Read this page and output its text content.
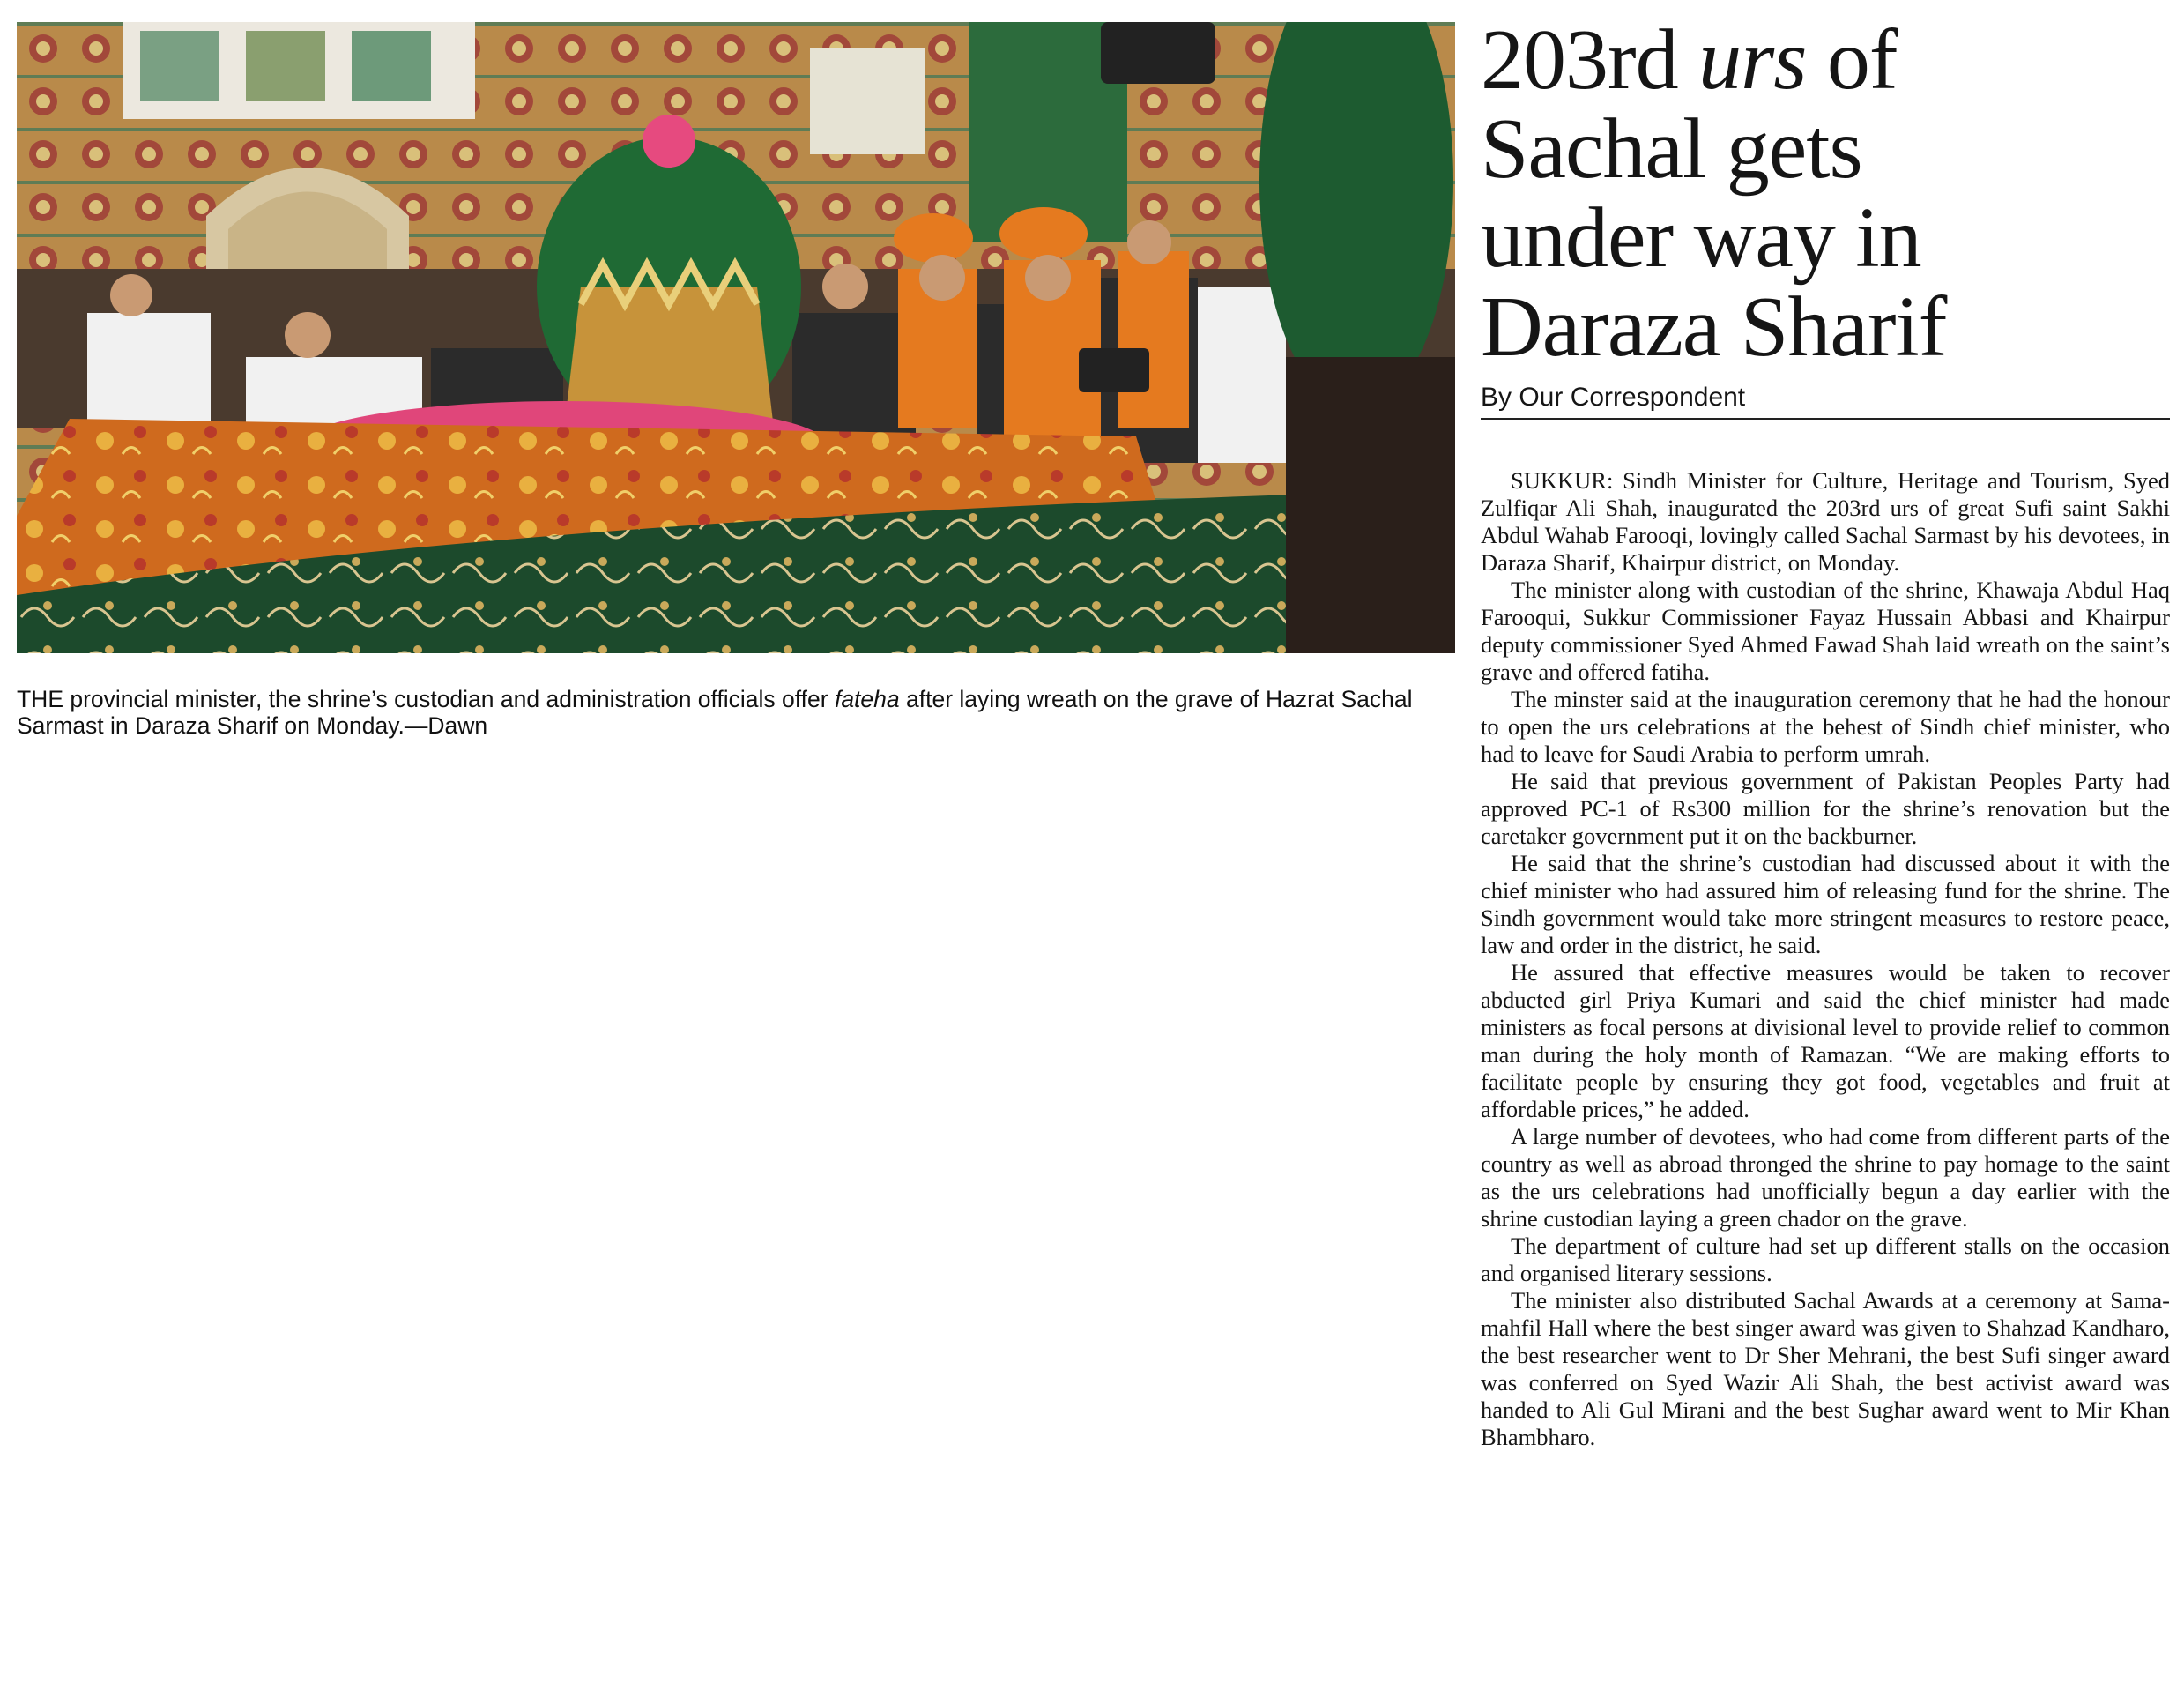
THE provincial minister, the shrine’s custodian and administration officials offer fateha after laying wreath on the grave of Hazrat Sachal Sarmast in Daraza Sharif on Monday.—Dawn

203rd urs of
Sachal gets
under way in
Daraza Sharif

By Our Correspondent

SUKKUR: Sindh Minister for Culture, Heritage and Tourism, Syed Zulfiqar Ali Shah, inaugurated the 203rd urs of great Sufi saint Sakhi Abdul Wahab Farooqi, lovingly called Sachal Sarmast by his devotees, in Daraza Sharif, Khairpur district, on Monday.

The minister along with custodian of the shrine, Khawaja Abdul Haq Farooqui, Sukkur Commissioner Fayaz Hussain Abbasi and Khairpur deputy commissioner Syed Ahmed Fawad Shah laid wreath on the saint’s grave and offered fatiha.

The minster said at the inauguration ceremony that he had the honour to open the urs celebrations at the behest of Sindh chief minister, who had to leave for Saudi Arabia to perform umrah.

He said that previous government of Pakistan Peoples Party had approved PC-1 of Rs300 million for the shrine’s renovation but the caretaker government put it on the backburner.

He said that the shrine’s custodian had discussed about it with the chief minister who had assured him of releasing fund for the shrine. The Sindh government would take more stringent measures to restore peace, law and order in the district, he said.

He assured that effective measures would be taken to recover abducted girl Priya Kumari and said the chief minister had made ministers as focal persons at divisional level to provide relief to common man during the holy month of Ramazan. “We are making efforts to facilitate people by ensuring they got food, vegetables and fruit at affordable prices,” he added.

A large number of devotees, who had come from different parts of the country as well as abroad thronged the shrine to pay homage to the saint as the urs celebrations had unofficially begun a day earlier with the shrine custodian laying a green chador on the grave.

The department of culture had set up different stalls on the occasion and organised literary sessions.

The minister also distributed Sachal Awards at a ceremony at Sama-mahfil Hall where the best singer award was given to Shahzad Kandharo, the best researcher went to Dr Sher Mehrani, the best Sufi singer award was conferred on Syed Wazir Ali Shah, the best activist award was handed to Ali Gul Mirani and the best Sughar award went to Mir Khan Bhambharo.
